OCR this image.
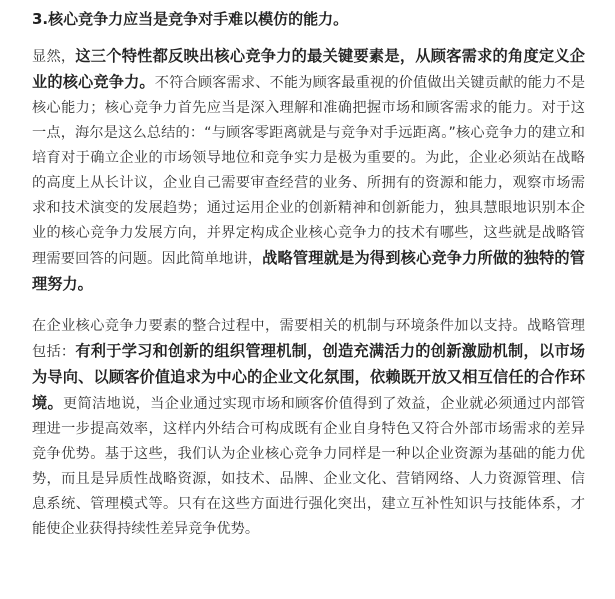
3.核心竞争力应当是竞争对手难以模仿的能力。

显然，这三个特性都反映出核心竞争力的最关键要素是，从顾客需求的角度定义企业的核心竞争力。不符合顾客需求、不能为顾客最重视的价值做出关键贡献的能力不是核心能力；核心竞争力首先应当是深入理解和准确把握市场和顾客需求的能力。对于这一点，海尔是这么总结的：“与顾客零距离就是与竞争对手远距离。”核心竞争力的建立和培育对于确立企业的市场领导地位和竞争实力是极为重要的。为此，企业必须站在战略的高度上从长计议，企业自己需要审查经营的业务、所拥有的资源和能力，观察市场需求和技术演变的发展趋势；通过运用企业的创新精神和创新能力，独具慧眼地识别本企业的核心竞争力发展方向，并界定构成企业核心竞争力的技术有哪些，这些就是战略管理需要回答的问题。因此简单地讲，战略管理就是为得到核心竞争力所做的独特的管理努力。

在企业核心竞争力要素的整合过程中，需要相关的机制与环境条件加以支持。战略管理包括：有利于学习和创新的组织管理机制，创造充满活力的创新激励机制，以市场为导向、以顾客价值追求为中心的企业文化氛围，依赖既开放又相互信任的合作环境。更简洁地说，当企业通过实现市场和顾客价值得到了效益，企业就必须通过内部管理进一步提高效率，这样内外结合可构成既有企业自身特色又符合外部市场需求的差异竞争优势。基于这些，我们认为企业核心竞争力同样是一种以企业资源为基础的能力优势，而且是异质性战略资源，如技术、品牌、企业文化、营销网络、人力资源管理、信息系统、管理模式等。只有在这些方面进行强化突出，建立互补性知识与技能体系，才能使企业获得持续性差异竞争优势。
